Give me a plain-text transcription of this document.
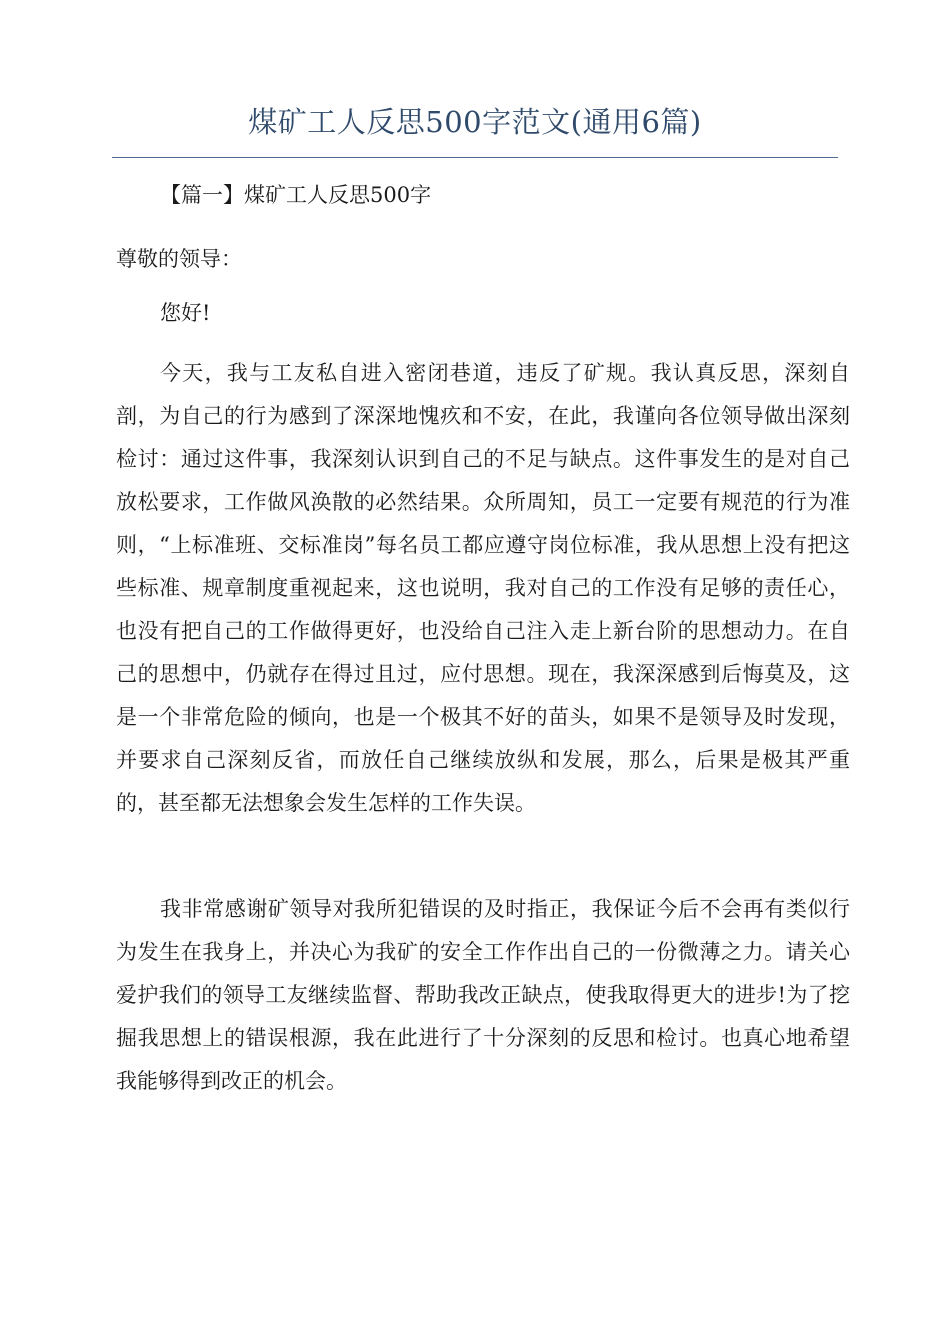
煤矿工人反思500字范文(通用6篇)
【篇一】煤矿工人反思500字
尊敬的领导：
您好!
今天，我与工友私自进入密闭巷道，违反了矿规。我认真反思，深刻自剖，为自己的行为感到了深深地愧疚和不安，在此，我谨向各位领导做出深刻检讨：通过这件事，我深刻认识到自己的不足与缺点。这件事发生的是对自己放松要求，工作做风涣散的必然结果。众所周知，员工一定要有规范的行为准则，“上标准班、交标准岗”每名员工都应遵守岗位标准，我从思想上没有把这些标准、规章制度重视起来，这也说明，我对自己的工作没有足够的责任心，也没有把自己的工作做得更好，也没给自己注入走上新台阶的思想动力。在自己的思想中，仍就存在得过且过，应付思想。现在，我深深感到后悔莫及，这是一个非常危险的倾向，也是一个极其不好的苗头，如果不是领导及时发现，并要求自己深刻反省，而放任自己继续放纵和发展，那么，后果是极其严重的，甚至都无法想象会发生怎样的工作失误。
我非常感谢矿领导对我所犯错误的及时指正，我保证今后不会再有类似行为发生在我身上，并决心为我矿的安全工作作出自己的一份微薄之力。请关心爱护我们的领导工友继续监督、帮助我改正缺点，使我取得更大的进步!为了挖掘我思想上的错误根源，我在此进行了十分深刻的反思和检讨。也真心地希望我能够得到改正的机会。
